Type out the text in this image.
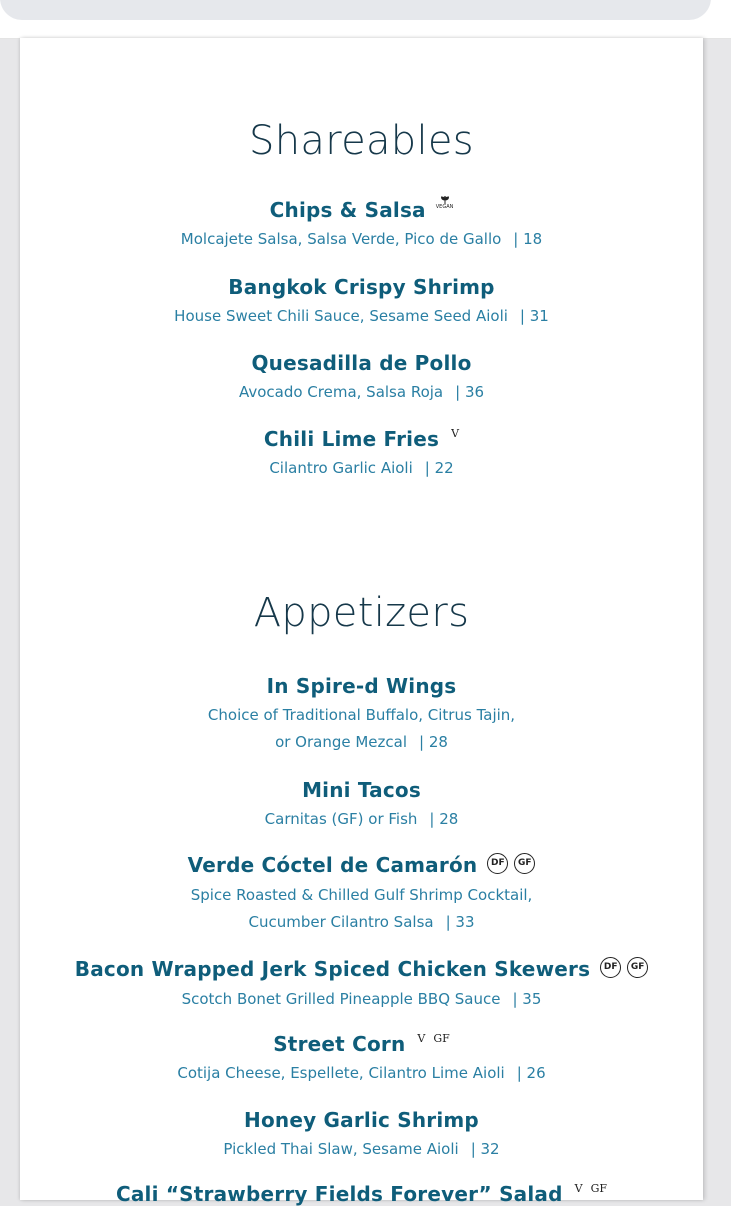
Shareables
Chips & Salsa VEGAN
Molcajete Salsa, Salsa Verde, Pico de Gallo | 18
Bangkok Crispy Shrimp
House Sweet Chili Sauce, Sesame Seed Aioli | 31
Quesadilla de Pollo
Avocado Crema, Salsa Roja | 36
Chili Lime Fries V
Cilantro Garlic Aioli | 22
Appetizers
In Spire-d Wings
Choice of Traditional Buffalo, Citrus Tajin,
or Orange Mezcal | 28
Mini Tacos
Carnitas (GF) or Fish | 28
Verde Cóctel de Camarón DF GF
Spice Roasted & Chilled Gulf Shrimp Cocktail,
Cucumber Cilantro Salsa | 33
Bacon Wrapped Jerk Spiced Chicken Skewers DF GF
Scotch Bonet Grilled Pineapple BBQ Sauce | 35
Street Corn V GF
Cotija Cheese, Espellete, Cilantro Lime Aioli | 26
Honey Garlic Shrimp
Pickled Thai Slaw, Sesame Aioli | 32
Cali “Strawberry Fields Forever” Salad V GF
